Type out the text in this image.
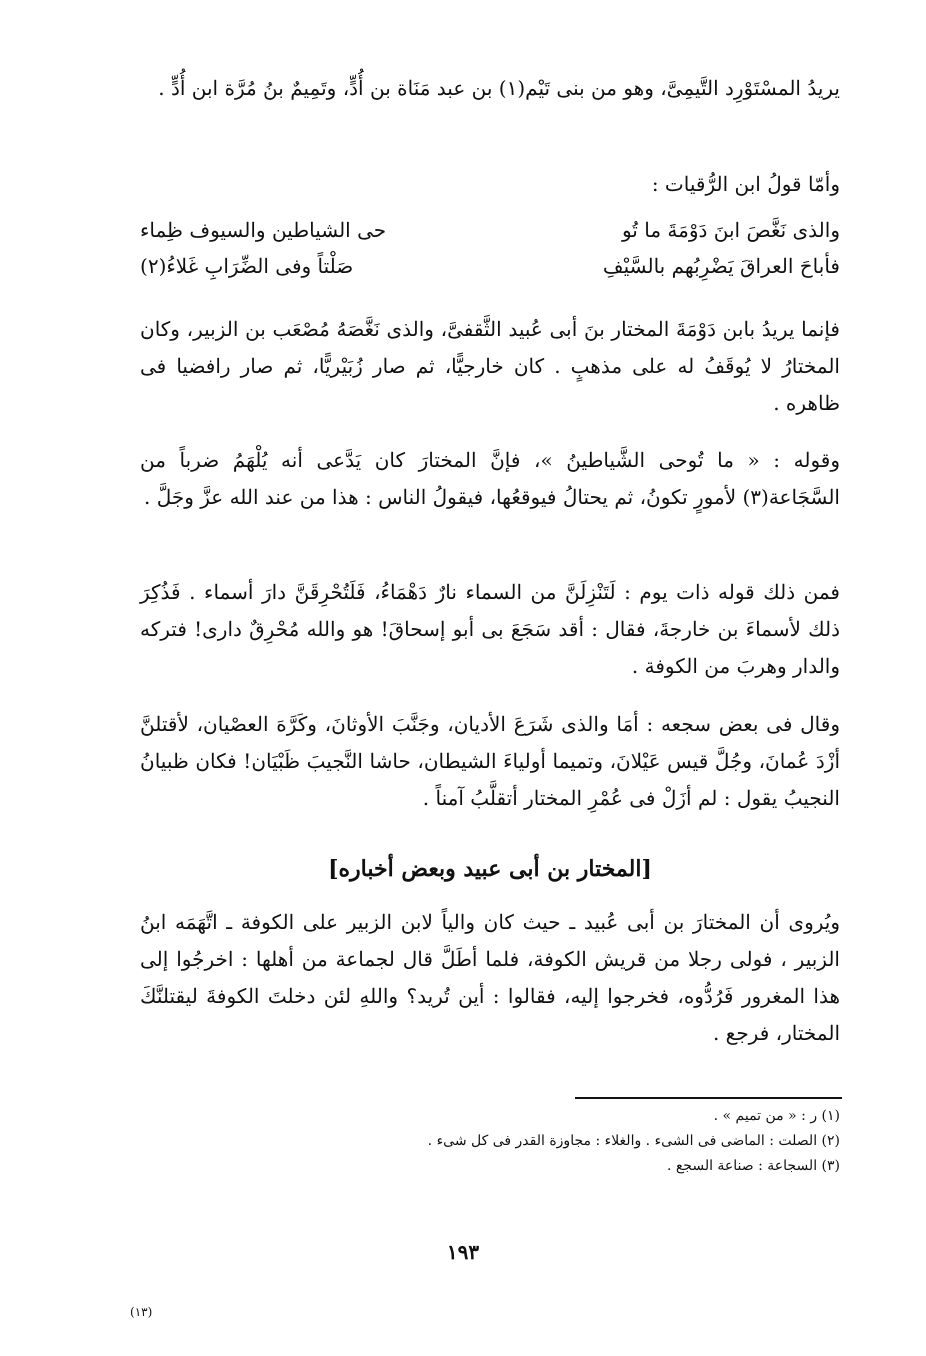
يريدُ المسْتَوْرِد التَّيمِىَّ، وهو من بنى تَيْم(١) بن عبد مَنَاة بن أُدٍّ، وتَمِيمٌ بنُ مُرَّة ابن أُدٍّ .

وأمّا قولُ ابن الرُّقيات :

والذى نَغَّصَ ابنَ دَوْمَةَ ما تُو
حى الشياطين والسيوف ظِماء
فأباحَ العراقَ يَضْرِبُهم بالسَّيْفِ
صَلْتاً وفى الضِّرَابِ غَلاءُ(٢)

فإنما يريدُ بابن دَوْمَةَ المختار بنَ أبى عُبيد الثَّقفىَّ، والذى نَغَّصَهُ مُصْعَب بن الزبير، وكان المختارُ لا يُوقَفُ له على مذهبٍ . كان خارجيًّا، ثم صار زُبَيْريًّا، ثم صار رافضيا فى ظاهره .

وقوله : « ما تُوحى الشَّياطينُ »، فإنَّ المختارَ كان يَدَّعى أنه يُلْهَمُ ضرباً من السَّجَاعة(٣) لأمورٍ تكونُ، ثم يحتالُ فيوقعُها، فيقولُ الناس : هذا من عند الله عزَّ وجَلَّ .

فمن ذلك قوله ذات يوم : لَتَنْزِلَنَّ من السماء نارٌ دَهْمَاءُ، فَلَتُحْرِقَنَّ دارَ أسماء . فَذُكِرَ ذلك لأسماءَ بن خارجةَ، فقال : أقد سَجَعَ بى أبو إسحاقَ! هو والله مُحْرِقٌ دارى! فتركه والدار وهربَ من الكوفة .

وقال فى بعض سجعه : أمَا والذى شَرَعَ الأديان، وجَنَّبَ الأوثانَ، وكَرَّهَ العصْيان، لأقتلنَّ أزْدَ عُمانَ، وجُلَّ قيس عَيْلانَ، وتميما أولياءَ الشيطان، حاشا النَّجيبَ ظَبْيَان! فكان ظبيانُ النجيبُ يقول : لم أزَلْ فى عُمْرِ المختار أتقلَّبُ آمناً .

[المختار بن أبى عبيد وبعض أخباره]

ويُروى أن المختارَ بن أبى عُبيد ـ حيث كان والياً لابن الزبير على الكوفة ـ اتَّهَمَه ابنُ الزبير ، فولى رجلا من قريش الكوفة، فلما أطَلَّ قال لجماعة من أهلها : اخرجُوا إلى هذا المغرور فَرُدُّوه، فخرجوا إليه، فقالوا : أين تُريد؟ واللهِ لئن دخلتَ الكوفةَ ليقتلنَّكَ المختار، فرجع .

(١) ر : « من تميم » .

(٢) الصلت : الماضى فى الشىء . والغلاء : مجاوزة القدر فى كل شىء .

(٣) السجاعة : صناعة السجع .

١٩٣
(١٣)
